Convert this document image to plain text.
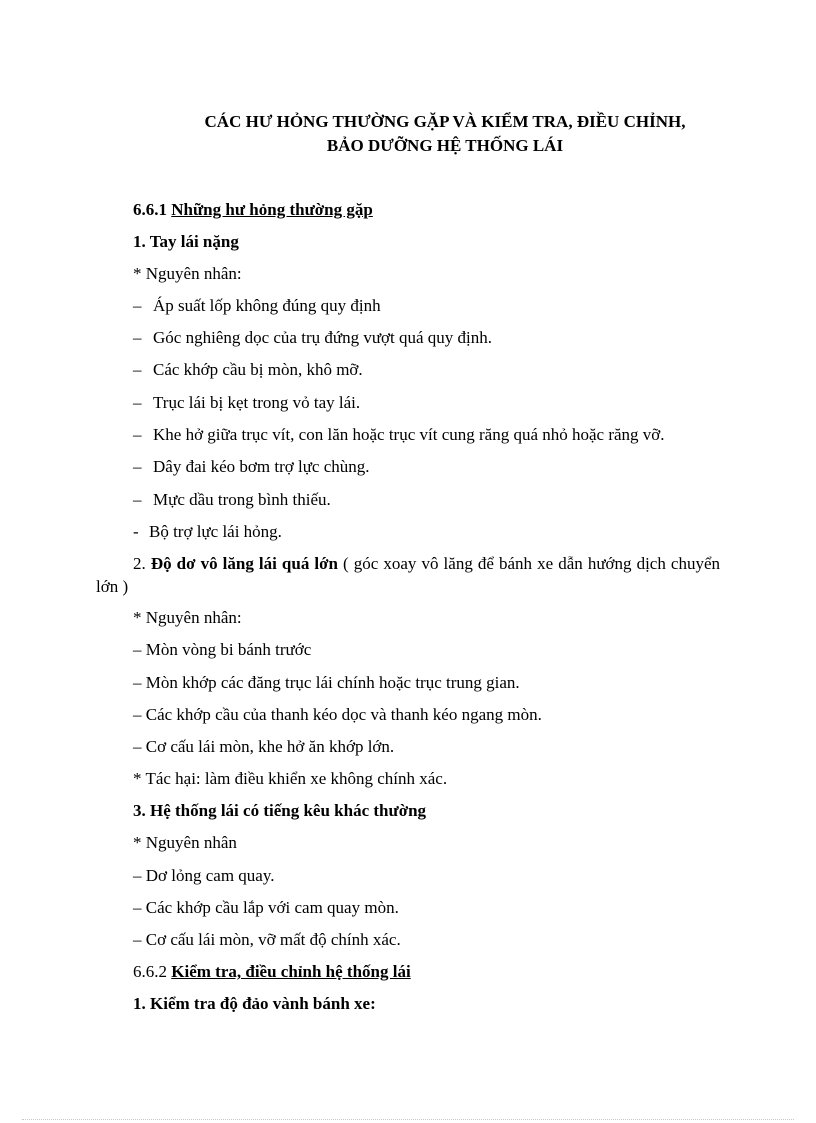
CÁC HƯ HỎNG THƯỜNG GẶP VÀ KIỂM TRA, ĐIỀU CHỈNH,
BẢO DƯỠNG HỆ THỐNG LÁI
6.6.1 Những hư hỏng thường gặp
1. Tay lái nặng
* Nguyên nhân:
– Áp suất lốp không đúng quy định
– Góc nghiêng dọc của trụ đứng vượt quá quy định.
– Các khớp cầu bị mòn, khô mỡ.
– Trục lái bị kẹt trong vỏ tay lái.
– Khe hở giữa trục vít, con lăn hoặc trục vít cung răng quá nhỏ hoặc răng vỡ.
– Dây đai kéo bơm trợ lực chùng.
– Mực dầu trong bình thiếu.
- Bộ trợ lực lái hỏng.
2. Độ dơ vô lăng lái quá lớn ( góc xoay vô lăng để bánh xe dẫn hướng dịch chuyển lớn )
* Nguyên nhân:
– Mòn vòng bi bánh trước
– Mòn khớp các đăng trục lái chính hoặc trục trung gian.
– Các khớp cầu của thanh kéo dọc và thanh kéo ngang mòn.
– Cơ cấu lái mòn, khe hở ăn khớp lớn.
* Tác hại: làm điều khiển xe không chính xác.
3. Hệ thống lái có tiếng kêu khác thường
* Nguyên nhân
– Dơ lỏng cam quay.
– Các khớp cầu lắp với cam quay mòn.
– Cơ cấu lái mòn, vỡ mất độ chính xác.
6.6.2 Kiểm tra, điều chỉnh hệ thống lái
1. Kiểm tra độ đảo vành bánh xe:
